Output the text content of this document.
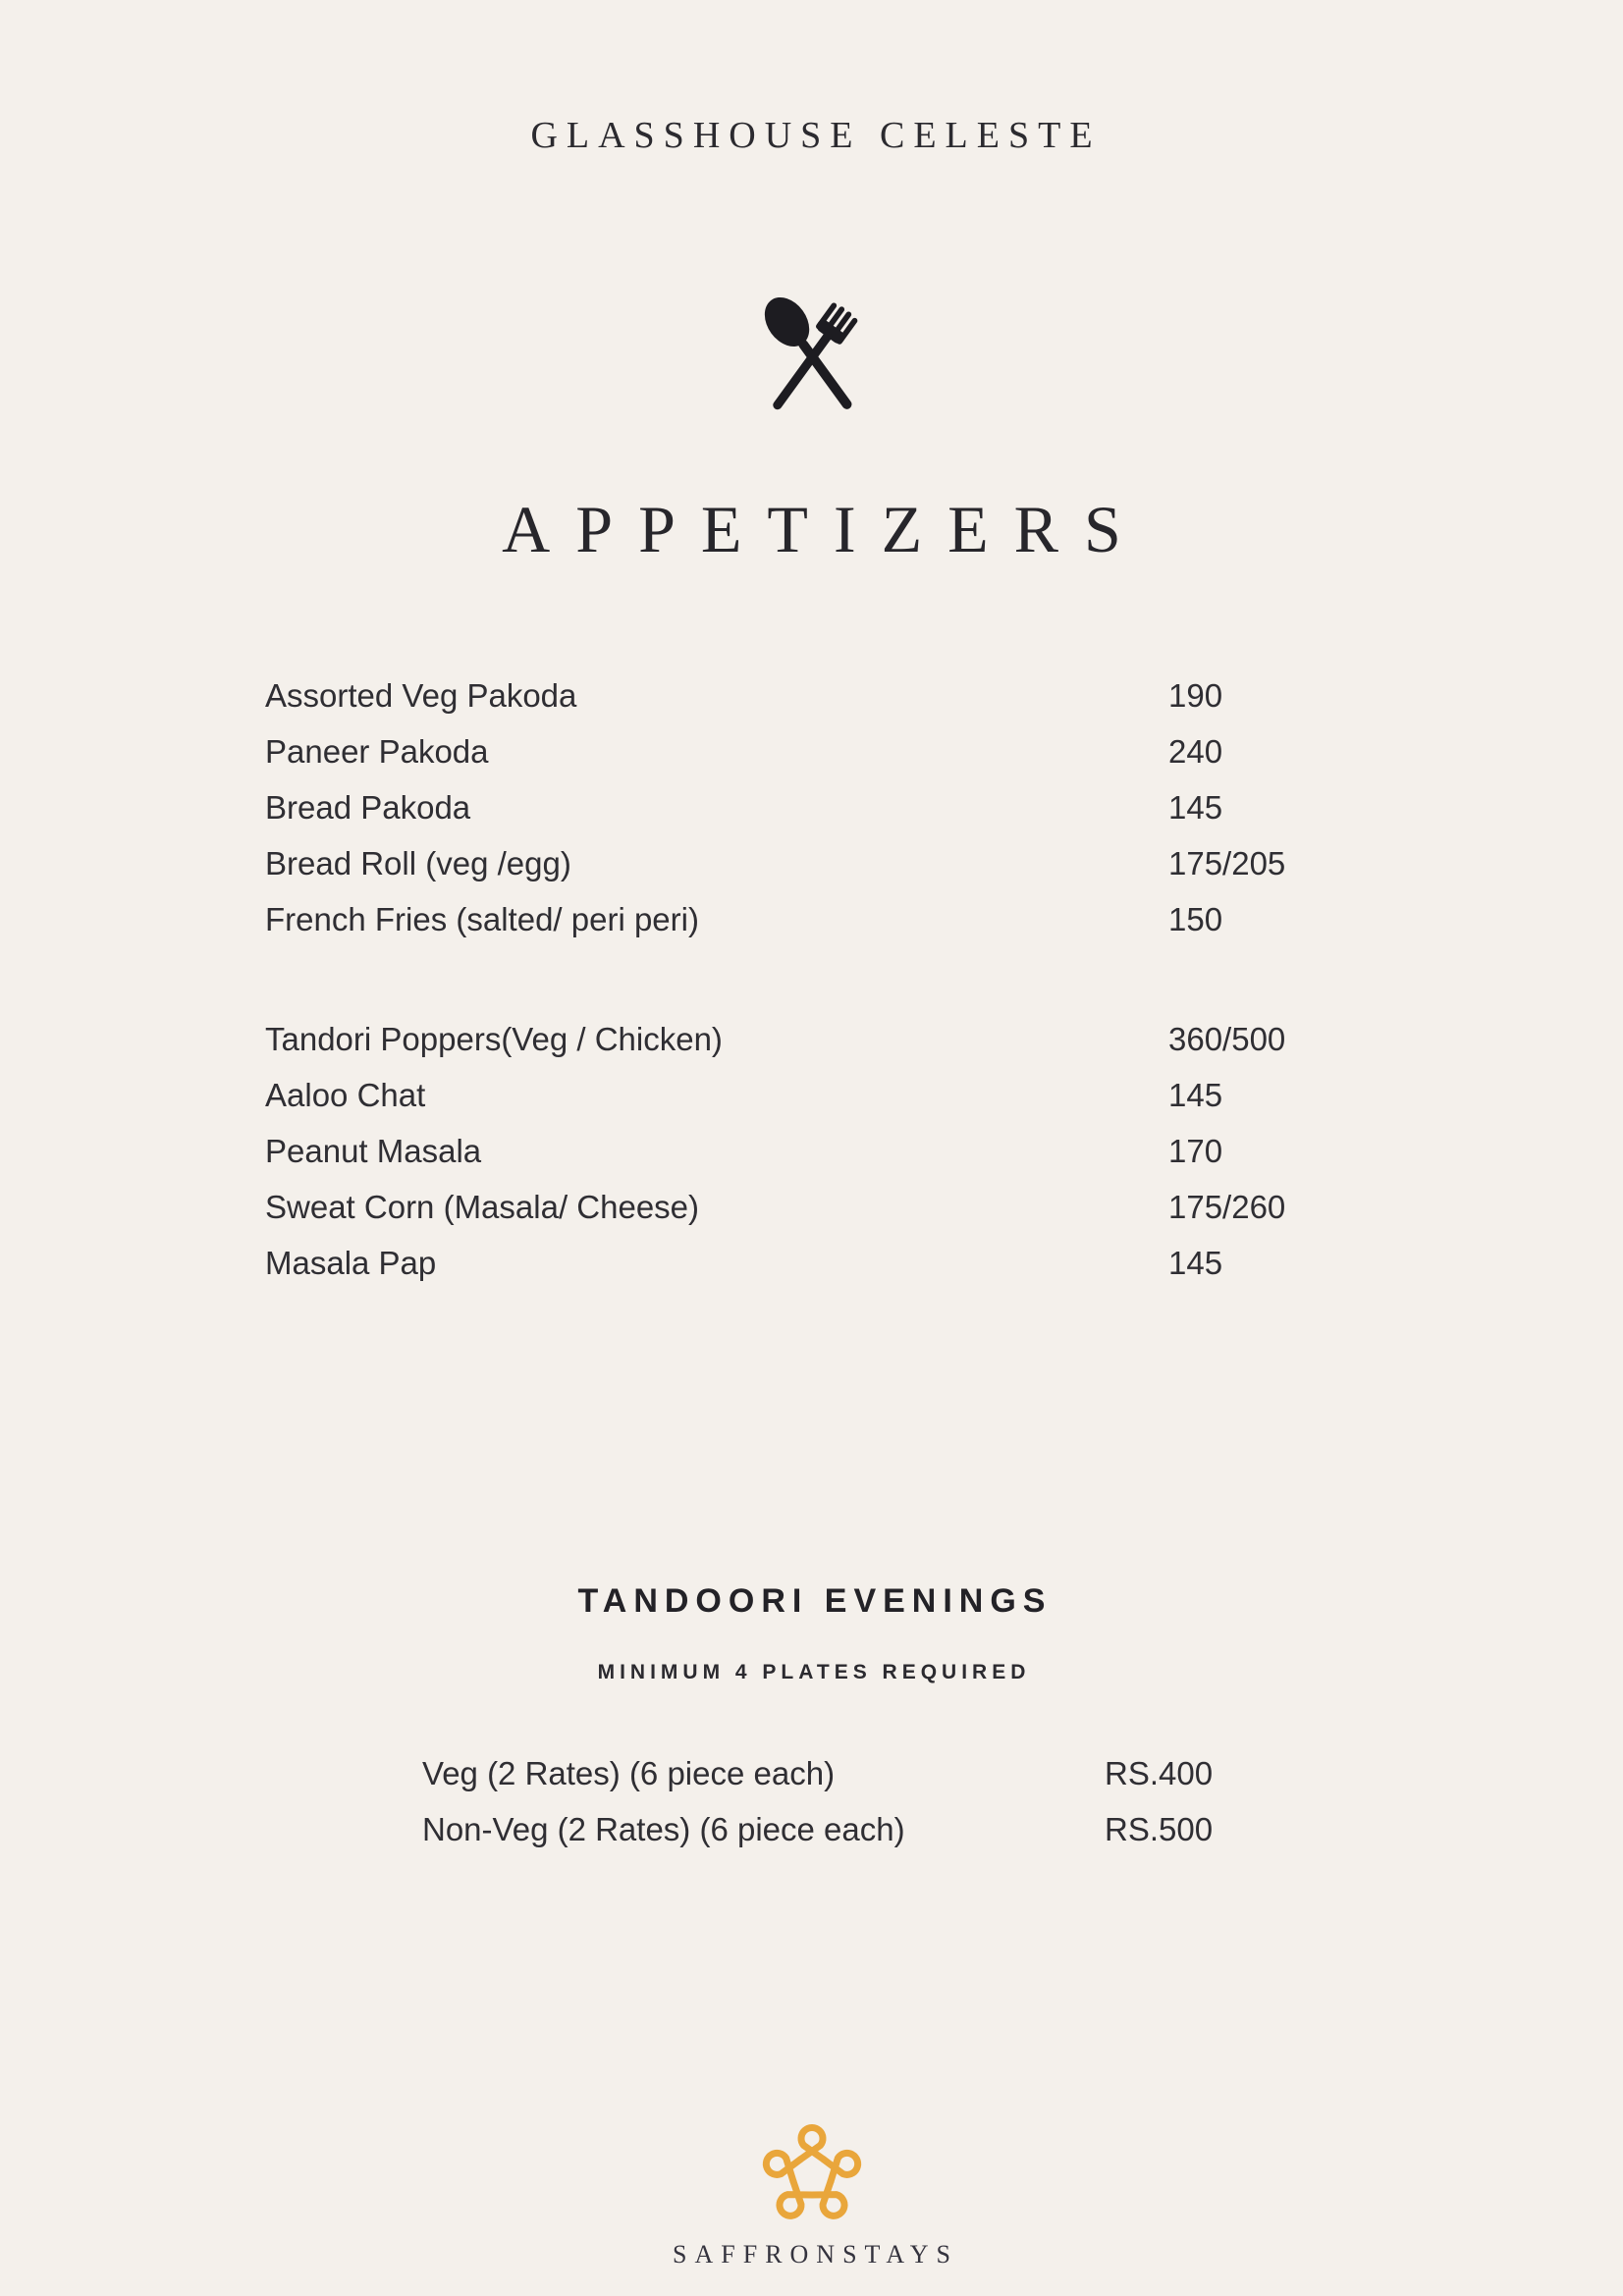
GLASSHOUSE CELESTE
APPETIZERS
Assorted Veg Pakoda	190
Paneer Pakoda	240
Bread Pakoda	145
Bread Roll (veg /egg)	175/205
French Fries (salted/ peri peri)	150
Tandori Poppers(Veg / Chicken)	360/500
Aaloo Chat	145
Peanut Masala	170
Sweat Corn (Masala/ Cheese)	175/260
Masala Pap	145
TANDOORI EVENINGS
MINIMUM 4 PLATES REQUIRED
Veg (2 Rates) (6 piece each)	RS.400
Non-Veg (2 Rates) (6 piece each)	RS.500
SAFFRONSTAYS
